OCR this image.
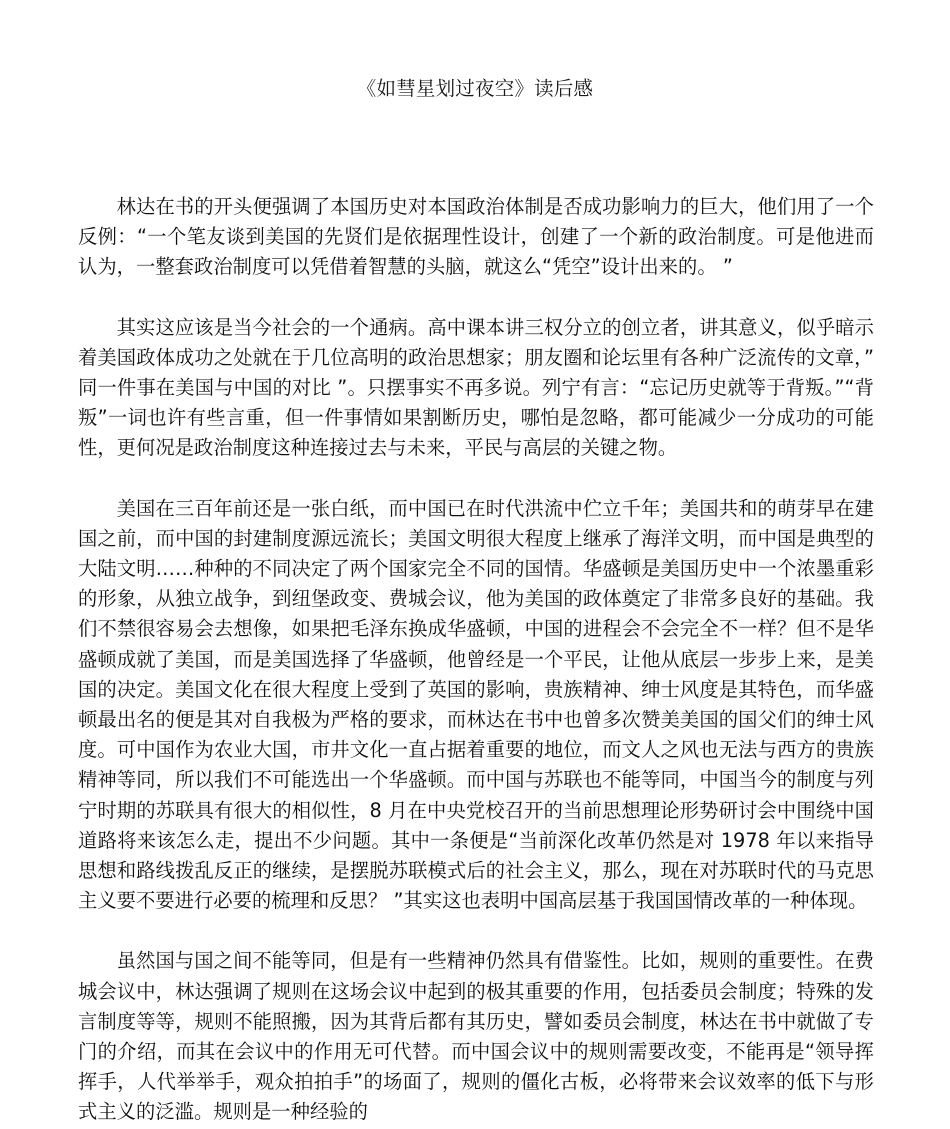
《如彗星划过夜空》读后感

林达在书的开头便强调了本国历史对本国政治体制是否成功影响力的巨大，他们用了一个反例：“一个笔友谈到美国的先贤们是依据理性设计，创建了一个新的政治制度。可是他进而认为，一整套政治制度可以凭借着智慧的头脑，就这么“凭空”设计出来的。 ”

其实这应该是当今社会的一个通病。高中课本讲三权分立的创立者，讲其意义，似乎暗示着美国政体成功之处就在于几位高明的政治思想家；朋友圈和论坛里有各种广泛流传的文章，” 同一件事在美国与中国的对比 ”。只摆事实不再多说。列宁有言：“忘记历史就等于背叛。”“背叛”一词也许有些言重，但一件事情如果割断历史，哪怕是忽略，都可能减少一分成功的可能性，更何况是政治制度这种连接过去与未来，平民与高层的关键之物。

美国在三百年前还是一张白纸，而中国已在时代洪流中伫立千年；美国共和的萌芽早在建国之前，而中国的封建制度源远流长；美国文明很大程度上继承了海洋文明，而中国是典型的大陆文明……种种的不同决定了两个国家完全不同的国情。华盛顿是美国历史中一个浓墨重彩的形象，从独立战争，到纽堡政变、费城会议，他为美国的政体奠定了非常多良好的基础。我们不禁很容易会去想像，如果把毛泽东换成华盛顿，中国的进程会不会完全不一样？但不是华盛顿成就了美国，而是美国选择了华盛顿，他曾经是一个平民，让他从底层一步步上来，是美国的决定。美国文化在很大程度上受到了英国的影响，贵族精神、绅士风度是其特色，而华盛顿最出名的便是其对自我极为严格的要求，而林达在书中也曾多次赞美美国的国父们的绅士风度。可中国作为农业大国，市井文化一直占据着重要的地位，而文人之风也无法与西方的贵族精神等同，所以我们不可能选出一个华盛顿。而中国与苏联也不能等同，中国当今的制度与列宁时期的苏联具有很大的相似性，8 月在中央党校召开的当前思想理论形势研讨会中围绕中国道路将来该怎么走，提出不少问题。其中一条便是“当前深化改革仍然是对 1978 年以来指导思想和路线拨乱反正的继续，是摆脱苏联模式后的社会主义，那么，现在对苏联时代的马克思主义要不要进行必要的梳理和反思？ ”其实这也表明中国高层基于我国国情改革的一种体现。

虽然国与国之间不能等同，但是有一些精神仍然具有借鉴性。比如，规则的重要性。在费城会议中，林达强调了规则在这场会议中起到的极其重要的作用，包括委员会制度；特殊的发言制度等等，规则不能照搬，因为其背后都有其历史，譬如委员会制度，林达在书中就做了专门的介绍，而其在会议中的作用无可代替。而中国会议中的规则需要改变，不能再是“领导挥挥手，人代举举手，观众拍拍手”的场面了，规则的僵化古板，必将带来会议效率的低下与形式主义的泛滥。规则是一种经验的
